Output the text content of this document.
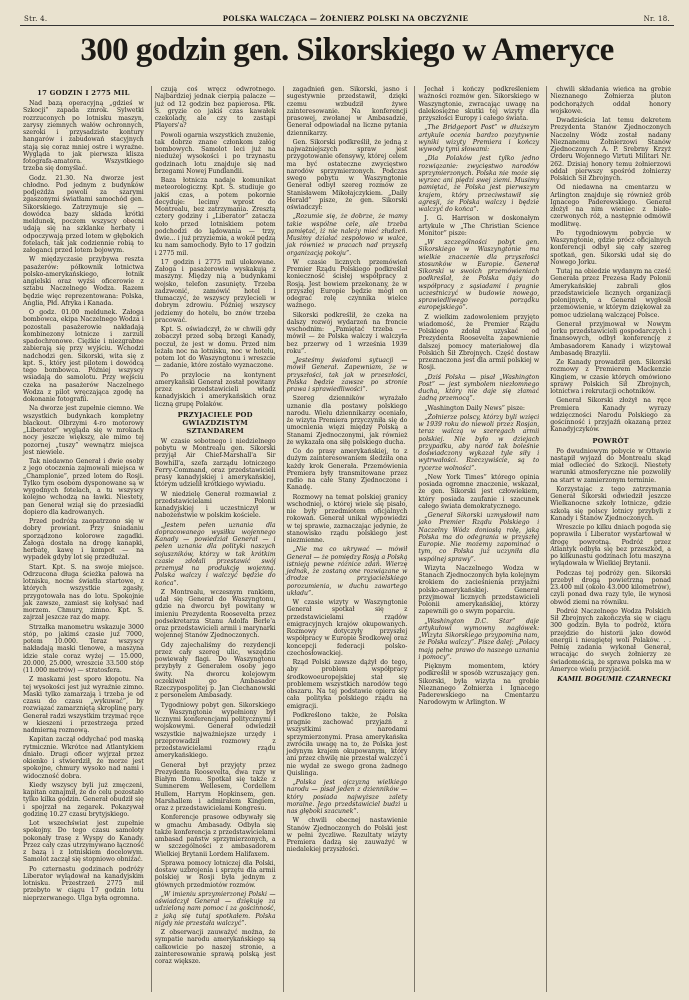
Str. 4.	POLSKA WALCZĄCA — ŻOŁNIERZ POLSKI NA OBCZYŹNIE	Nr. 18.
300 godzin gen. Sikorskiego w Ameryce
17 GODZIN I 2775 MIL

Nad bazą operacyjną „gdzieś w Szkocji” zapada zmrok. Sylwetki rozrzuconych po lotnisku maszyn, zarysy ziemnych wałów ochronnych, szeroki i przysadziste kontury hangarów i zabudowań stacyjnych stają się coraz mniej ostre i wyraźne. Wygląda to jak pierwsza klisza fotografa-amatora. Wszystkiego trzeba się domyślać.

Godz. 21.30. Na dworze jest chłodno. Pod jednym z budynków podjeżdża powoli za szarymi zgaszonymi światłami samochód gen. Sikorskiego. Zatrzymuje się — dowódca bazy składa krótki meldunek, poczem wszyscy obecni udają się na szklanke herbaty i odpoczywają przed lotem w głębokich fotelach, tak jak codziennie robią to załoganci przed lotem bojowym.

W międzyczasie przybywa reszta pasażerów: półkownik lotnictwa polsko-amerykańskiego, łotnik angielski oraz wyżsi oficerowie z sztabu Naczelnego Wodza. Razem będzie więc reprezentowana: Polska, Anglia, Płd. Afryka i Kanada.

O godz. 01.00 meldunek. Załoga bombowca, ekipa Naczelnego Wodza i pozostali pasażerowie nakładają kombinezony lotnicze i zarzuli spadochronowe. Ciężkie i niezgrabne zabierają się przy wyjściu. Wchodzi nadchodzi gen. Sikorski, wita się z kpt. S., który jest pilotem i dowódcą tego bombowca. Później wszyscy wsiadają do samolotu. Przy wejściu czeka na pasażerów Naczelnego Wodza z pilot wręczająca zgodę na dokonanie fotografii.

Na dworze jest zupełnie ciemno. We wszystkich budynkach kompletny blackout. Olbrzymi 4-ro motorowy „Liberator” wygląda się w mrokach nocy jeszcze większy, ale mimo tej pozornej „tuszy” wewnątrz miejsca jest niewiele.

Tak niedawno Generał i dwie osoby z jego otoczenia zajmowali miejsca w „Champlonie”, przed lotem do Rosji. Tylko tym osobom dysponowane są w wygodnych fotelach, a tu wszyscy kolejno wchodzą na ławki. Niestety, pan Generał wziął się do przesiadki dopiero dla kadrowanych.

Przed podróżą zaopatrzono się w dobry prowiant. Przy śniadaniu sporządzono kolorowe zagadki. Załoga dostała na drogę kanapki, herbatę, kawę i kompot — na wypadek gdyby lot się przedłużał.

Start. Kpt. S. na swoje miejsce. Odrzucona długa ścieżka pałowa na lotnisku, nocne światła startowe, z których wszystkie zgasły, przygotowała nas do lotu. Spokojnie jak zawsze, zamiast się kołysać nad morzem. Chmury, zimno. Kpt. S. zajrzał jeszcze raz do mapy.

Strzałka manometru wskazuje 3000 stóp, po jakimś czasie już 7000, potem 10.000. Teraz wszyscy nakładają maski tlenowe, a maszyna idzie stale coraz wyżej — 15.000, 20.000, 25.000, wreszcie 33.500 stóp (11.000 metrów) — stratosfera.

Z maskami jest sporo kłopotu. Na tej wysokości jest już wyraźnie zimno. Maski tylko zamarzają i trzeba je od czasu do czasu „wykuwać”, by rozwiązać zamarzniętą skroplinę pary. Generał radzi wszystkim trzymać ręce w kieszeni i przestrzega przed nadmierną rozmową.

Kapitan zaczął oddychać pod maską rytmicznie. Wkrótce nad Atlantykiem dniało. Drugi oficer wyjrzał przez okienko i stwierdził, że morze jest spokojne, chmury wysoko nad nami i widoczność dobra.

Kiedy wszyscy byli już zmęczeni, kapitan oznajmił, że do celu pozostało tylko kilka godzin. Generał obudził się i spojrzał na zegarek. Pokazywał godzinę 10.27 czasu brytyjskiego.

Lot wszechświat jest zupełnie spokojny. Do tego czasu samoloty pokonały trasę z Wyspy do Kanady. Przez cały czas utrzymywano łączność z bazą i z lotniskiem docelowym. Samolot zaczął się stopniowo obniżać.

Po czternastu godzinach podróży Liberator wylądował na kanadyjskim lotnisku. Przestrzeń 2775 mil przebyto w ciągu 17 godzin lotu nieprzerwanego. Ulga była ogromna.

czują coś wręcz odwrotnego. Najbardziej jednak cierpią palacze — już od 12 godzin bez papierosa. Płk. S. gryzie co jakiś czas kawałek czekolady, ale czy to zastąpi Players'a?

Powoli ogarnia wszystkich znużenie, tak dobrze znane członkom załóg bombowych. Samolot leci już na niedużej wysokości i po trzynastu godzinach lotu znajduje się nad brzegami Nowej Fundlandii.

Baza łotnicza nadaje komunikat meteorologiczny. Kpt. S. studiuje go jakiś czas, a potem pokornie decyduje: lecimy wprost do Montrealu, bez zatrzymania. Zresztą cztery godziny i „Liberator” zatacza koło przed lotniskiem potem podchodzi do lądowania — trzy, dwie... i już przyziemia, a wokół pędzą ku nam samochody. Było to 17 godzin i 2775 mil.

17 godzin i 2775 mil ulokowane. Załoga i pasażerowie wyskakują z maszyny. Między nią a budynkami wojsko, telefon zasunięty. Trzeba zadzwonić, zamówić hotel i tłumaczyć, że wszyscy przylecieli w dobrym zdrowiu. Później wszyscy jedziemy do hotelu, bo znów trzeba pracować.

Kpt. S. oświadczył, że w chwili gdy zobaczył przed sobą brzegi Kanady, poczuł, że jest w domu. Przed nim leżała noc na lotnisku, noc w hotelu, potem lot do Waszyngtonu i wreszcie — zadanie, które zostało wyznaczone.

Po przylocie na kontynent amerykański Generał został powitany przez przedstawicieli władz kanadyjskich i amerykańskich oraz liczną grupę Polaków.

PRZYJACIELE POD GWIAZDZISTYM SZTANDAREM

W czasie sobotnego i niedzielnego pobytu w Montrealu gen. Sikorski przyjął Air Chief-Marshall'a Sir Bowhill'a, szefa zarządu lotniczego Ferry-Command, oraz przedstawicieli prasy kanadyjskiej i amerykańskiej, którym udzielił krótkiego wywiadu.

W niedzielę Generał rozmawiał z przedstawicielami Polonii kanadyjskiej i uczestniczył w nabożeństwie w polskim kościele.

„Jestem pełen uznania dla dopracowanego wysiłku wojennego Kanady — powiedział Generał — i pełen uznania dla polityki naszych sojuszników, którzy w tak krótkim czasie zdołali przestawić swój przemysł na produkcję wojenną. Polska walczy i walczyć będzie do końca”.

Z Montrealu, wczesnym rankiem, udał się Generał do Waszyngtonu, gdzie na dworcu był powitany w imieniu Prezydenta Roosevelta przez podsekretarza Stanu Adolfa Berle'a oraz przedstawicieli armii i marynarki wojennej Stanów Zjednoczonych.

Gdy zajechaliśmy do rezydencji przez cały szereg ulic, wszędzie powiewały flagi. Do Waszyngtonu przybyły z Generałem osoby jego świty. Na dworcu kolejowym oczekiwał go Ambasador Rzeczypospolitej p. Jan Ciechanowski z personelem Ambasady.

Tygodniowy pobyt gen. Sikorskiego w Waszyngtonie wypełniony był licznymi konferencjami politycznymi i wojskowymi. Generał odwiedził wszystkie najważniejsze urzędy i przeprowadził rozmowy z przedstawicielami rządu amerykańskiego.

Generał był przyjęty przez Prezydenta Roosevelta, dwa razy w Białym Domu. Spotkał się także z Sumnerem Wellesem, Cordellem Hullem, Harrym Hopkinsem, gen. Marshallem i admirałem Kingiem, oraz z przedstawicielami Kongresu.

Konferencje prasowe odbywały się w gmachu Ambasady. Odbyła się także konferencja z przedstawicielami ambasad państw sprzymierzonych, a w szczególności z ambasadorem Wielkiej Brytanii Lordem Halifaxem.

Sprawa pomocy lotniczej dla Polski, dostaw uzbrojenia i sprzętu dla armii polskiej w Rosji była jednym z głównych przedmiotów rozmów.

„W imieniu sprzymierzonej Polski — oświadczył Generał — dziękuję za udzieloną nam pomoc i za gościnność, z jaką się tutaj spotkałem. Polska nigdy nie przestała walczyć”.

Z obserwacji zauważyć można, że sympatie narodu amerykańskiego są całkowicie po naszej stronie, a zainteresowanie sprawą polską jest coraz większe.

zagadnień gen. Sikorski, jasno i sugestywnie przedstawił, dzięki czemu wzbudził żywe zainteresowanie. Na konferencji prasowej, zwołanej w Ambasadzie, Generał odpowiadał na liczne pytania dziennikarzy.

Gen. Sikorski podkreślił, że jedną z najważniejszych spraw jest przygotowanie ofensywy, której celem ma być ostateczne zwycięstwo narodów sprzymierzonych. Podczas swego pobytu w Waszyngtonie Generał odbył szereg rozmów ze Stanisławem Mikołajczykiem. „Daily Herald” pisze, że gen. Sikorski oświadczył:

„Rozumie się, że dobrze, że mamy takie wspólne cele, ale trzeba pamiętać, iż nie należy mieć złudzeń. Musimy działać zespołowo w walce, jak również w pracach nad przyszłą organizacją pokoju”.

W czasie licznych przemówień Premier Rządu Polskiego podkreślał konieczność ścisłej współpracy z Rosją. Jest bowiem przekonany, że w przyszłej Europie będzie mógł on odegrać rolę czynnika wielce ważnego.

Sikorski podkreślił, że czeka na dalszy rozwój wydarzeń na froncie wschodnim: „Pamiętać trzeba — mówił — że Polska walczy i walczyła bez przerwy od 1 września 1939 roku”.

„Jesteśmy świadomi sytuacji — mówił Generał. Zapewniam, że w przyszłości, tak jak w przeszłości, Polska będzie zawsze po stronie prawa i sprawiedliwości”.

Szereg dzienników wyrażało uznanie dla postawy polskiego narodu. Wielu dziennikarzy oceniało, że wizyta Premiera przyczyniła się do umocnienia więzi między Polską a Stanami Zjednoczonymi, jak również że wykazała ona siłę polskiego ducha.

Co do prasy amerykańskiej, to z dużym zainteresowaniem śledziła ona każdy krok Generała. Przemówienia Premiera były transmitowane przez radio na całe Stany Zjednoczone i Kanadę.

Rozmowy na temat polskiej granicy wschodniej, o której wiele się pisało, nie były przedmiotem oficjalnych rokowań. Generał unikał wypowiedzi w tej sprawie, zaznaczając jedynie, że stanowisko rządu polskiego jest niezmienne.

„Nie ma co ukrywać — mówił Generał — że pomiędzy Rosją a Polską istnieją pewne różnice zdań. Wierzę jednak, że zostaną one rozwiązane w drodze przyjacielskiego porozumienia, w duchu zawartego układu”.

W czasie wizyty w Waszyngtonie Generał spotkał się z przedstawicielami rządów emigracyjnych krajów okupowanych. Rozmowy dotyczyły przyszłej współpracy w Europie Środkowej oraz koncepcji federacji polsko-czechosłowackiej.

Rząd Polski zawsze dążył do tego, aby problem współpracy środkowoeuropejskiej stał się problemem wszystkich narodów tego obszaru. Na tej podstawie opiera się cała polityka polskiego rządu na emigracji.

Podkreślono także, że Polska pragnie zachować przyjaźń z wszystkimi narodami sprzymierzonymi. Prasa amerykańska zwróciła uwagę na to, że Polska jest jedynym krajem okupowanym, który ani przez chwilę nie przestał walczyć i nie wydał ze swego grona żadnego Quislinga.

„Polska jest ojczyzną wielkiego narodu — pisał jeden z dzienników — który posiada najwyższe zalety moralne. Jego przedstawiciel budzi u nas głęboki szacunek”.

W chwili obecnej nastawienie Stanów Zjednoczonych do Polski jest w pełni życzliwe. Rezultaty wizyty Premiera dadzą się zauważyć w niedalekiej przyszłości.

Jechał i kończy podkreśleniem ważności rozmów gen. Sikorskiego w Waszyngtonie, zwracając uwagę na dalekosiężne skutki tej wizyty dla przyszłości Europy i całego świata.

„The Bridgeport Post” w dłuższym artykule ocenia bardzo pozytywnie wyniki wizyty Premiera i kończy wywody tymi słowami:

„Dla Polaków jest tylko jedno rozwiązanie: zwycięstwo narodów sprzymierzonych. Polska nie może się wyrzec ani piędzi swej ziemi. Musimy pamiętać, że Polska jest pierwszym krajem, który przeciwstawił się agresji, że Polska walczy i będzie walczyć do końca”.

J. G. Harrison w doskonałym artykule w „The Christian Science Monitor” pisze:

„W szczególności pobyt gen. Sikorskiego w Waszyngtonie ma wielkie znaczenie dla przyszłości stosunków w Europie. Generał Sikorski w swoich przemówieniach podkreślał, że Polska dąży do współpracy z sąsiadami i pragnie uczestniczyć w budowie nowego, sprawiedliwego porządku europejskiego”.

Z wielkim zadowoleniem przyjęto wiadomość, że Premier Rządu Polskiego zdołał uzyskać od Prezydenta Roosevelta zapewnienie dalszej pomocy materiałowej dla Polskich Sił Zbrojnych. Część dostaw przeznaczona jest dla armii polskiej w Rosji.

„Dziś Polska — pisał „Washington Post” — jest symbolem niezłomnego ducha, który nie daje się złamać żadną przemocą”.

„Washington Daily News” pisze:

„Żołnierze polscy, którzy byli wzięci w 1939 roku do niewoli przez Rosjan, teraz walczą w szeregach armii polskiej. Nie było w dziejach przypadku, aby naród tak boleśnie doświadczony wykazał tyle siły i wytrwałości. Rzeczywiście, są to rycerze wolności”.

„New York Times” którego opinia posiada ogromne znaczenie, wskazał, że gen. Sikorski jest człowiekiem, który posiada zaufanie i szacunek całego świata demokratycznego.

„Generał Sikorski uzmysłowił nam jako Premier Rządu Polskiego i Naczelny Wódz doniosłą rolę, jaką Polska ma do odegrania w przyszłej Europie. Nie możemy zapominać o tym, co Polska już uczyniła dla wspólnej sprawy”.

Wizyta Naczelnego Wodza w Stanach Zjednoczonych była kolejnym krokiem do zacieśnienia przyjaźni polsko-amerykańskiej. Generał przyjmował licznych przedstawicieli Polonii amerykańskiej, którzy zapewnili go o swym poparciu.

„Washington D.C. Star” daje artykułowi wymowny nagłówek: „Wizyta Sikorskiego przypomina nam, że Polska walczy”. Pisze dalej: „Polacy mają pełne prawo do naszego uznania i pomocy”.

Pięknym momentem, który podkreślił w sposób wzruszający gen. Sikorski, była wizyta na grobie Nieznanego Żołnierza i Ignacego Paderewskiego na Cmentarzu Narodowym w Arlington. W

chwili składania wieńca na grobie Nieznanego Żołnierza pluton podchorążych oddał honory wojskowe.

Dwadzieścia lat temu dekretem Prezydenta Stanów Zjednoczonych Naczelny Wódz został nadany Nieznanemu Żołnierzowi Stanów Zjednoczonych A. P. Srebrny Krzyż Orderu Wojennego Virtuti Militari Nr. 262. Dzisiaj honory temu żołnierzowi oddał pierwszy spośród żołnierzy Polskich Sił Zbrojnych.

Od niedawna na cmentarzu w Arlington znajduje się również grób Ignacego Paderewskiego. Generał złożył na nim wieniec z biało-czerwonych róż, a następnie odmówił modlitwę.

Po tygodniowym pobycie w Waszyngtonie, gdzie prócz oficjalnych konferencji odbył się cały szereg spotkań, gen. Sikorski udał się do Nowego Jorku.

Tutaj na obiedzie wydanym na cześć Generała przez Prezesa Rady Polonii Amerykańskiej zabrali głos przedstawiciele licznych organizacji polonijnych, a Generał wygłosił przemówienie, w którym dziękował za pomoc udzielaną walczącej Polsce.

Generał przyjmował w Nowym Jorku przedstawicieli gospodarczych i finansowych, odbył konferencję z Ambasadorem Kanady i wizytował Ambasadę Brazylii.

Ze Kanady prowadził gen. Sikorski rozmowy z Premierem Mackenzie Kingiem, w czasie których omówiono sprawy Polskich Sił Zbrojnych, lotnictwa i rekrutacji ochotników.

Generał Sikorski złożył na ręce Premiera Kanady wyrazy wdzięczności Narodu Polskiego za gościnność i przyjaźń okazaną przez Kanadyjczyków.

POWRÓT

Po dwudniowym pobycie w Ottawie nastąpił wyjazd do Montrealu skąd miał odlecieć do Szkocji. Niestety warunki atmosferyczne nie pozwoliły na start w zamierzonym terminie.

Korzystając z tego zatrzymania Generał Sikorski odwiedził jeszcze Wielkanocne szkoły lotnicze, gdzie szkolą się polscy lotnicy przybyli z Kanady i Stanów Zjednoczonych.

Wreszcie po kilku dniach pogoda się poprawiła i Liberator wystartował w drogę powrotną. Podróż przez Atlantyk odbyła się bez przeszkód, a po kilkunastu godzinach lotu maszyna wylądowała w Wielkiej Brytanii.

Podczas tej podróży gen. Sikorski przebył drogą powietrzną ponad 23.400 mil (około 43.000 kilometrów), czyli ponad dwa razy tyle, ile wynosi obwód ziemi na równiku.

Podróż Naczelnego Wodza Polskich Sił Zbrojnych zakończyła się w ciągu 300 godzin. Była to podróż, która przejdzie do historii jako dowód energii i nieugiętej woli Polaków. . . Pełnię zadania wykonał Generał, wracając do swych żołnierzy ze świadomością, że sprawa polska ma w Ameryce wielu przyjaciół.

KAMIL BOGUMIŁ CZARNECKI
